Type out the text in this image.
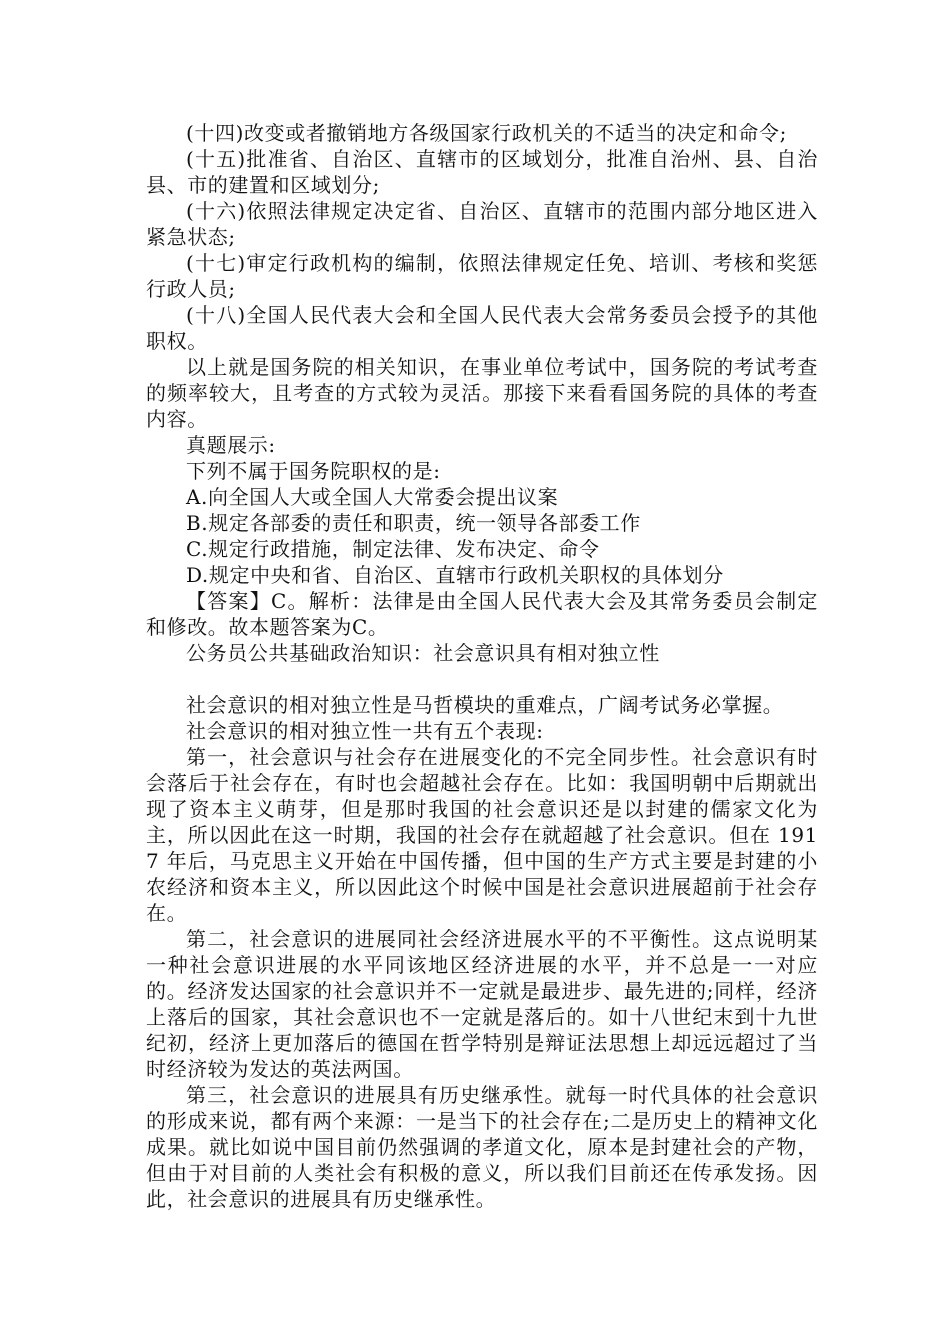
(十四)改变或者撤销地方各级国家行政机关的不适当的决定和命令;

(十五)批准省、自治区、直辖市的区域划分，批准自治州、县、自治县、市的建置和区域划分;

(十六)依照法律规定决定省、自治区、直辖市的范围内部分地区进入紧急状态;

(十七)审定行政机构的编制，依照法律规定任免、培训、考核和奖惩行政人员;

(十八)全国人民代表大会和全国人民代表大会常务委员会授予的其他职权。

以上就是国务院的相关知识，在事业单位考试中，国务院的考试考查的频率较大，且考查的方式较为灵活。那接下来看看国务院的具体的考查内容。

真题展示:

下列不属于国务院职权的是:

A.向全国人大或全国人大常委会提出议案

B.规定各部委的责任和职责，统一领导各部委工作

C.规定行政措施，制定法律、发布决定、命令

D.规定中央和省、自治区、直辖市行政机关职权的具体划分

【答案】C。解析：法律是由全国人民代表大会及其常务委员会制定和修改。故本题答案为C。

公务员公共基础政治知识：社会意识具有相对独立性

社会意识的相对独立性是马哲模块的重难点，广阔考试务必掌握。

社会意识的相对独立性一共有五个表现:

第一，社会意识与社会存在进展变化的不完全同步性。社会意识有时会落后于社会存在，有时也会超越社会存在。比如：我国明朝中后期就出现了资本主义萌芽，但是那时我国的社会意识还是以封建的儒家文化为主，所以因此在这一时期，我国的社会存在就超越了社会意识。但在 1917 年后，马克思主义开始在中国传播，但中国的生产方式主要是封建的小农经济和资本主义，所以因此这个时候中国是社会意识进展超前于社会存在。

第二，社会意识的进展同社会经济进展水平的不平衡性。这点说明某一种社会意识进展的水平同该地区经济进展的水平，并不总是一一对应的。经济发达国家的社会意识并不一定就是最进步、最先进的;同样，经济上落后的国家，其社会意识也不一定就是落后的。如十八世纪末到十九世纪初，经济上更加落后的德国在哲学特别是辩证法思想上却远远超过了当时经济较为发达的英法两国。

第三，社会意识的进展具有历史继承性。就每一时代具体的社会意识的形成来说，都有两个来源：一是当下的社会存在;二是历史上的精神文化成果。就比如说中国目前仍然强调的孝道文化，原本是封建社会的产物，但由于对目前的人类社会有积极的意义，所以我们目前还在传承发扬。因此，社会意识的进展具有历史继承性。
